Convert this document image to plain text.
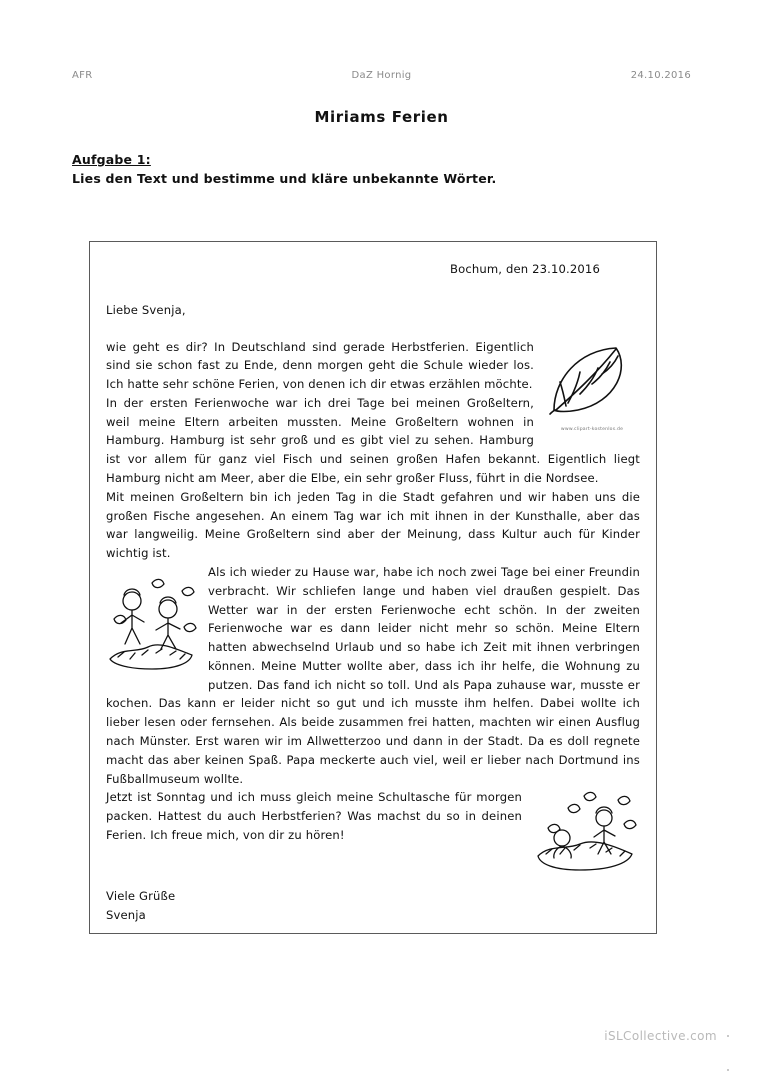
AFR	DaZ Hornig	24.10.2016
Miriams Ferien
Aufgabe 1:
Lies den Text und bestimme und kläre unbekannte Wörter.
Bochum, den 23.10.2016
Liebe Svenja,
www.clipart-kostenlos.de

wie geht es dir? In Deutschland sind gerade Herbstferien. Eigentlich sind sie schon fast zu Ende, denn morgen geht die Schule wieder los. Ich hatte sehr schöne Ferien, von denen ich dir etwas erzählen möchte.

In der ersten Ferienwoche war ich drei Tage bei meinen Großeltern, weil meine Eltern arbeiten mussten. Meine Großeltern wohnen in Hamburg. Hamburg ist sehr groß und es gibt viel zu sehen. Hamburg ist vor allem für ganz viel Fisch und seinen großen Hafen bekannt. Eigentlich liegt Hamburg nicht am Meer, aber die Elbe, ein sehr großer Fluss, führt in die Nordsee.

Mit meinen Großeltern bin ich jeden Tag in die Stadt gefahren und wir haben uns die großen Fische angesehen. An einem Tag war ich mit ihnen in der Kunsthalle, aber das war langweilig. Meine Großeltern sind aber der Meinung, dass Kultur auch für Kinder wichtig ist.

Als ich wieder zu Hause war, habe ich noch zwei Tage bei einer Freundin verbracht. Wir schliefen lange und haben viel draußen gespielt. Das Wetter war in der ersten Ferienwoche echt schön. In der zweiten Ferienwoche war es dann leider nicht mehr so schön. Meine Eltern hatten abwechselnd Urlaub und so habe ich Zeit mit ihnen verbringen können. Meine Mutter wollte aber, dass ich ihr helfe, die Wohnung zu putzen. Das fand ich nicht so toll. Und als Papa zuhause war, musste er kochen. Das kann er leider nicht so gut und ich musste ihm helfen. Dabei wollte ich lieber lesen oder fernsehen. Als beide zusammen frei hatten, machten wir einen Ausflug nach Münster. Erst waren wir im Allwetterzoo und dann in der Stadt. Da es doll regnete macht das aber keinen Spaß. Papa meckerte auch viel, weil er lieber nach Dortmund ins Fußballmuseum wollte.

Jetzt ist Sonntag und ich muss gleich meine Schultasche für morgen packen. Hattest du auch Herbstferien? Was machst du so in deinen Ferien. Ich freue mich, von dir zu hören!

Viele Grüße
Svenja
iSLCollective.com
